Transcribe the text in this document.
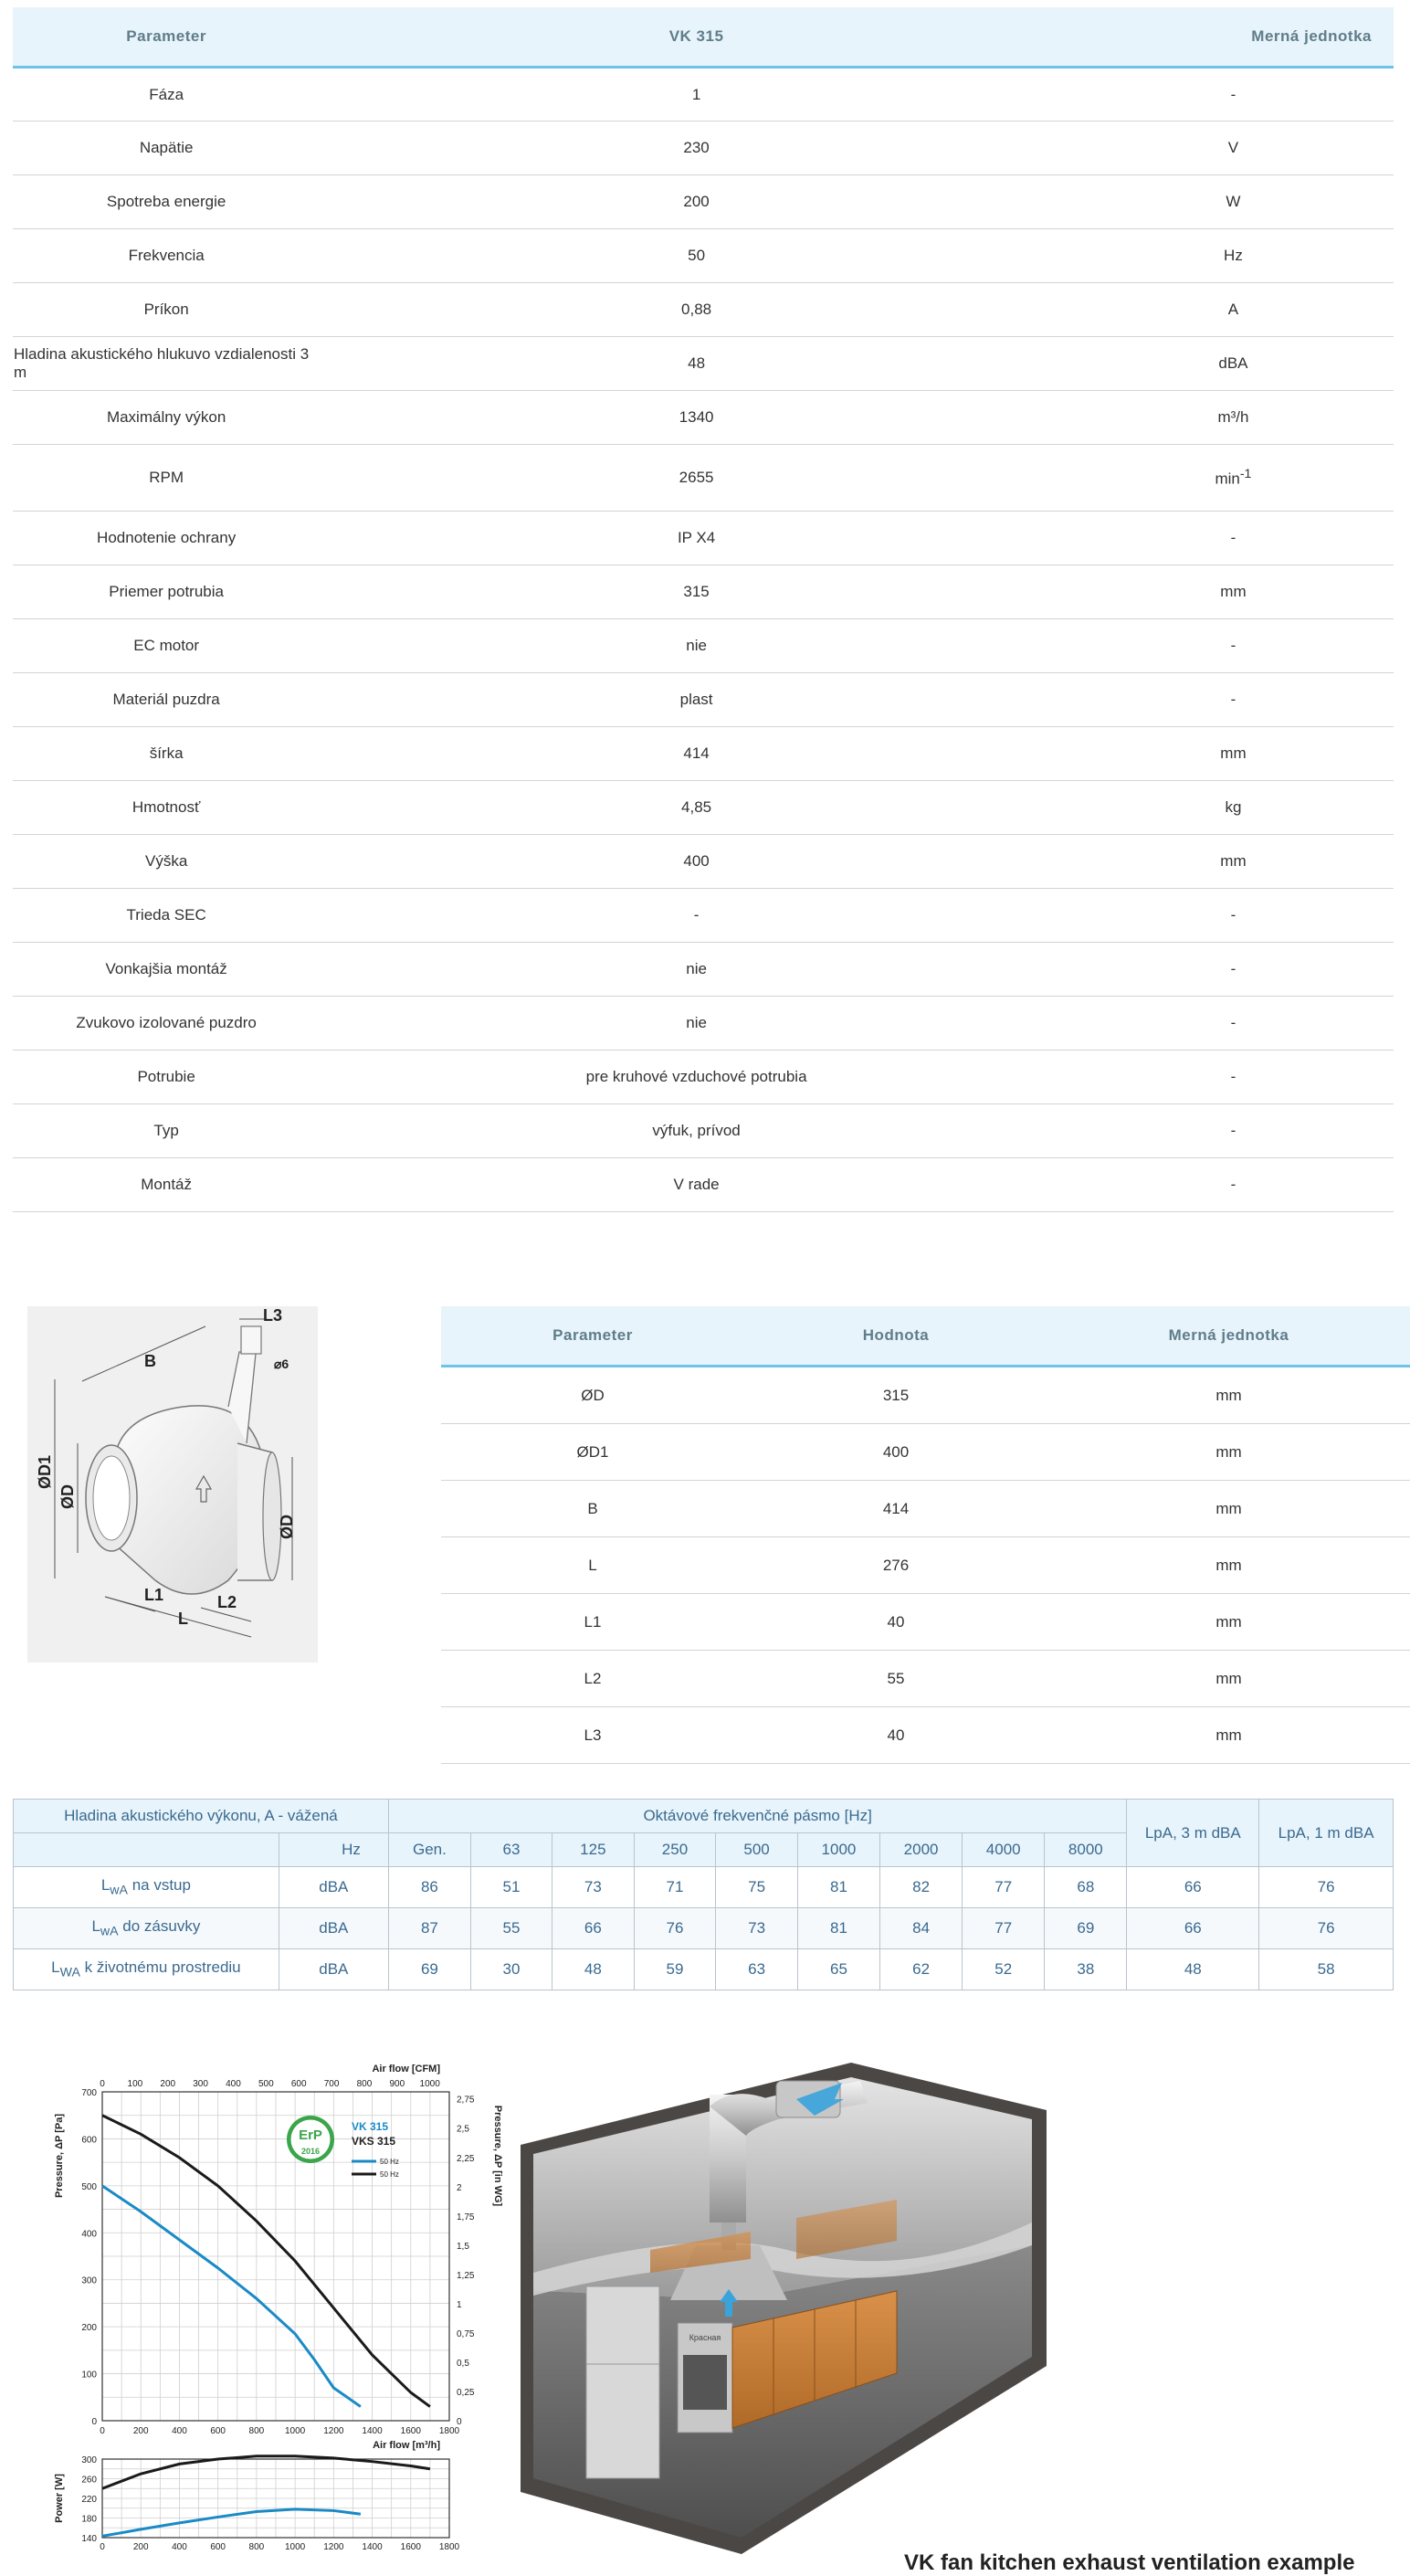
Parameter	VK 315	Merná jednotka
Fáza	1	-
Napätie	230	V
Spotreba energie	200	W
Frekvencia	50	Hz
Príkon	0,88	A
Hladina akustického hlukuvo vzdialenosti 3 m	48	dBA
Maximálny výkon	1340	m³/h
RPM	2655	$\min^{-1}$
Hodnotenie ochrany	IP X4	-
Priemer potrubia	315	mm
EC motor	nie	-
Materiál puzdra	plast	-
šírka	414	mm
Hmotnosť	4,85	kg
Výška	400	mm
Trieda SEC	-	-
Vonkajšia montáž	nie	-
Zvukovo izolované puzdro	nie	-
Potrubie	pre kruhové vzduchové potrubia	-
Typ	výfuk, prívod	-
Montáž	V rade	-
L3
B	⌀6
ØD1
ØD
ØD
L1	L2
L
Parameter	Hodnota	Merná jednotka
ØD	315	mm
ØD1	400	mm
B	414	mm
L	276	mm
L1	40	mm
L2	55	mm
L3	40	mm
Hladina akustického výkonu, A - vážená		Oktávové frekvenčné pásmo [Hz]									LpA, 3 m dBA	LpA, 1 m dBA
	Hz	Gen.	63	125	250	500	1000	2000	4000	8000		
$L_{wA}$ na vstup	dBA	86	51	73	71	75	81	82	77	68	66	76
$L_{wA}$ do zásuvky	dBA	87	55	66	76	73	81	84	77	69	66	76
$L_{WA}$ k životnému prostrediu	dBA	69	30	48	59	63	65	62	52	38	48	58
0	200	400	600	800 1000 1200 1400 1600 1800
0
100
200
300
400
500
600
700
0 100 200 300 400 500 600 700 800 900 1000
0
0,25
0,5
0,75
1
1,25
1,5
1,75
2
2,25
2,5
2,75
Air flow [m³/h]
Air flow [CFM]
Pressure, ΔP [Pa]	Pressure, ΔP [in WG]
ErP
2016
VK 315
VKS 315
50 Hz
50 Hz
0	200	400	600	800 1000 1200 1400 1600 1800
140
180
220
260
300
Power [W]
Красная
VK fan kitchen exhaust ventilation example
